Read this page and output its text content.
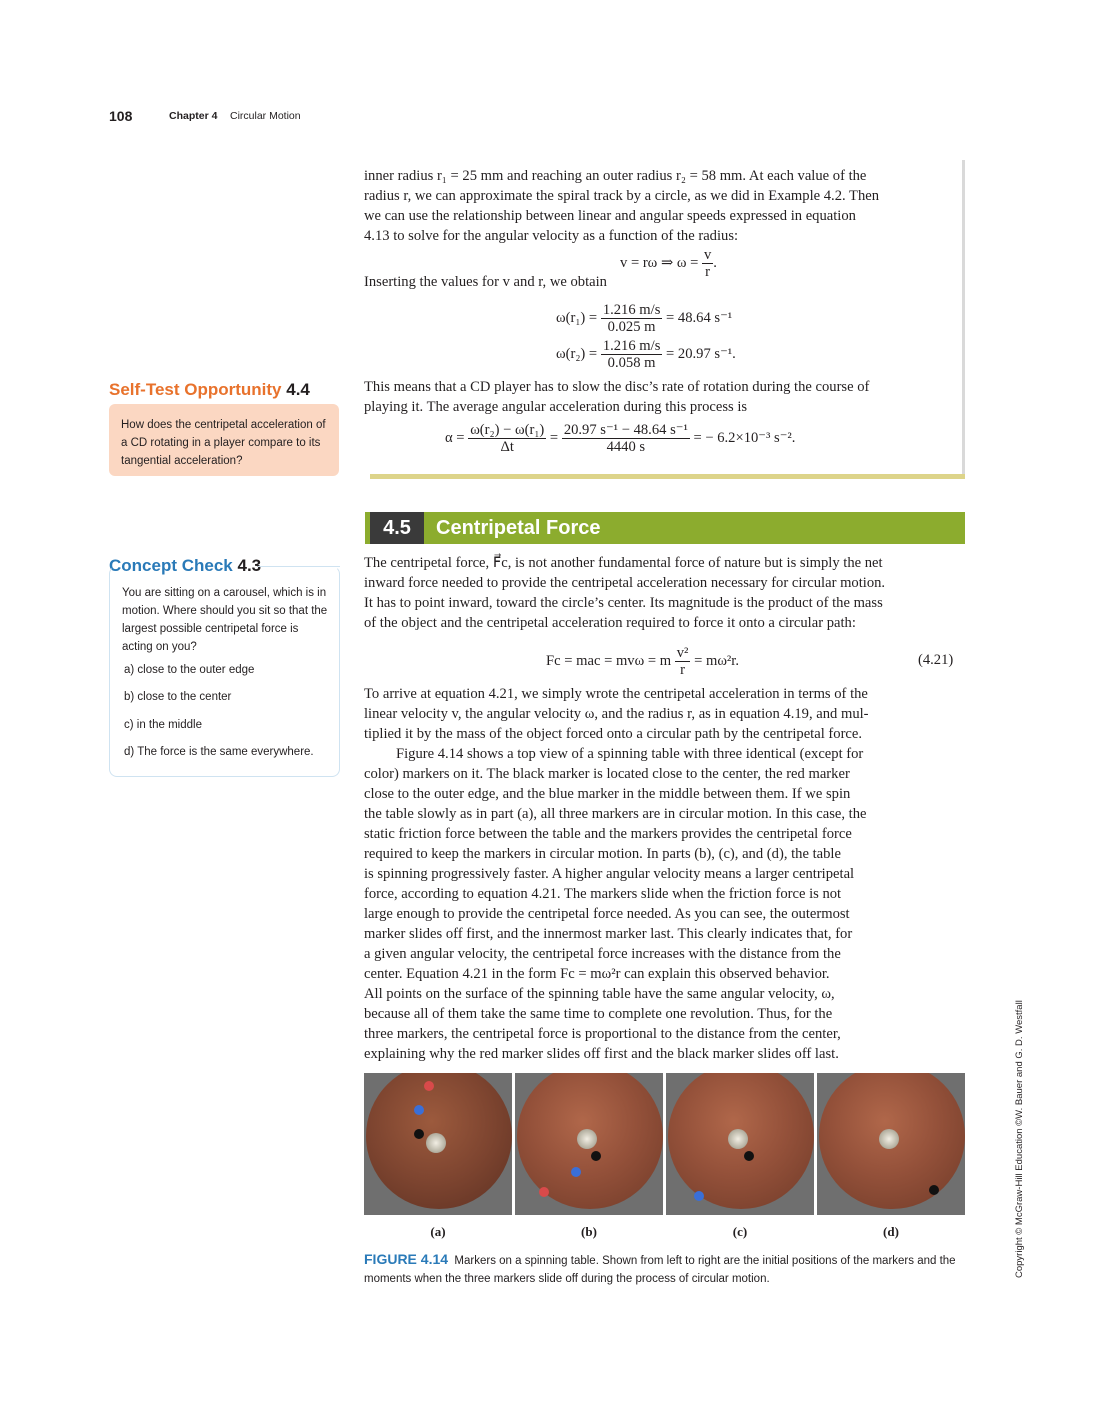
108	Chapter 4 Circular Motion
inner radius r₁ = 25 mm and reaching an outer radius r₂ = 58 mm. At each value of the
radius r, we can approximate the spiral track by a circle, as we did in Example 4.2. Then
we can use the relationship between linear and angular speeds expressed in equation
4.13 to solve for the angular velocity as a function of the radius:
v = rω ⇒ $\omega = \frac{v}{r}$ .
Inserting the values for v and r, we obtain
$\omega(r_1) = \frac{1.216 m/s}{0.025 m} = 48.64$ s⁻¹
$\omega(r_2) = \frac{1.216 m/s}{0.058 m} = 20.97$ s⁻¹.
This means that a CD player has to slow the disc’s rate of rotation during the course of
playing it. The average angular acceleration during this process is
$\alpha = \frac{\text{ω(r₂) − ω(r₁)}}{\Delta t} = \frac{\text{20.97 s⁻¹ − 48.64 s⁻¹}}{4440 s}$ = − 6.2×10⁻³ s⁻².
Self-Test Opportunity 4.4

How does the centripetal acceleration of a CD rotating in a player compare to its tangential acceleration?

4.5	Centripetal Force
Concept Check 4.3

You are sitting on a carousel, which is in motion. Where should you sit so that the largest possible centripetal force is acting on you?

a) close to the outer edge
b) close to the center
c) in the middle
d) The force is the same everywhere.
The centripetal force, F⃗c, is not another fundamental force of nature but is simply the net
inward force needed to provide the centripetal acceleration necessary for circular motion.
It has to point inward, toward the circle’s center. Its magnitude is the product of the mass
of the object and the centripetal acceleration required to force it onto a circular path:
Fc = mac = mvω = m $\frac{\text{v²}}{r} = m\omega^2r$.	(4.21)
To arrive at equation 4.21, we simply wrote the centripetal acceleration in terms of the
linear velocity v, the angular velocity ω, and the radius r, as in equation 4.19, and mul-
tiplied it by the mass of the object forced onto a circular path by the centripetal force.
Figure 4.14 shows a top view of a spinning table with three identical (except for
color) markers on it. The black marker is located close to the center, the red marker
close to the outer edge, and the blue marker in the middle between them. If we spin
the table slowly as in part (a), all three markers are in circular motion. In this case, the
static friction force between the table and the markers provides the centripetal force
required to keep the markers in circular motion. In parts (b), (c), and (d), the table
is spinning progressively faster. A higher angular velocity means a larger centripetal
force, according to equation 4.21. The markers slide when the friction force is not
large enough to provide the centripetal force needed. As you can see, the outermost
marker slides off first, and the innermost marker last. This clearly indicates that, for
a given angular velocity, the centripetal force increases with the distance from the
center. Equation 4.21 in the form Fc = mω²r can explain this observed behavior.
All points on the surface of the spinning table have the same angular velocity, ω,
because all of them take the same time to complete one revolution. Thus, for the
three markers, the centripetal force is proportional to the distance from the center,
explaining why the red marker slides off first and the black marker slides off last.
(a)	(b)	(c)	(d)

FIGURE 4.14 Markers on a spinning table. Shown from left to right are the initial positions of the markers and the moments when the three markers slide off during the process of circular motion.

Copyright © McGraw-Hill Education ©W. Bauer and G. D. Westfall
